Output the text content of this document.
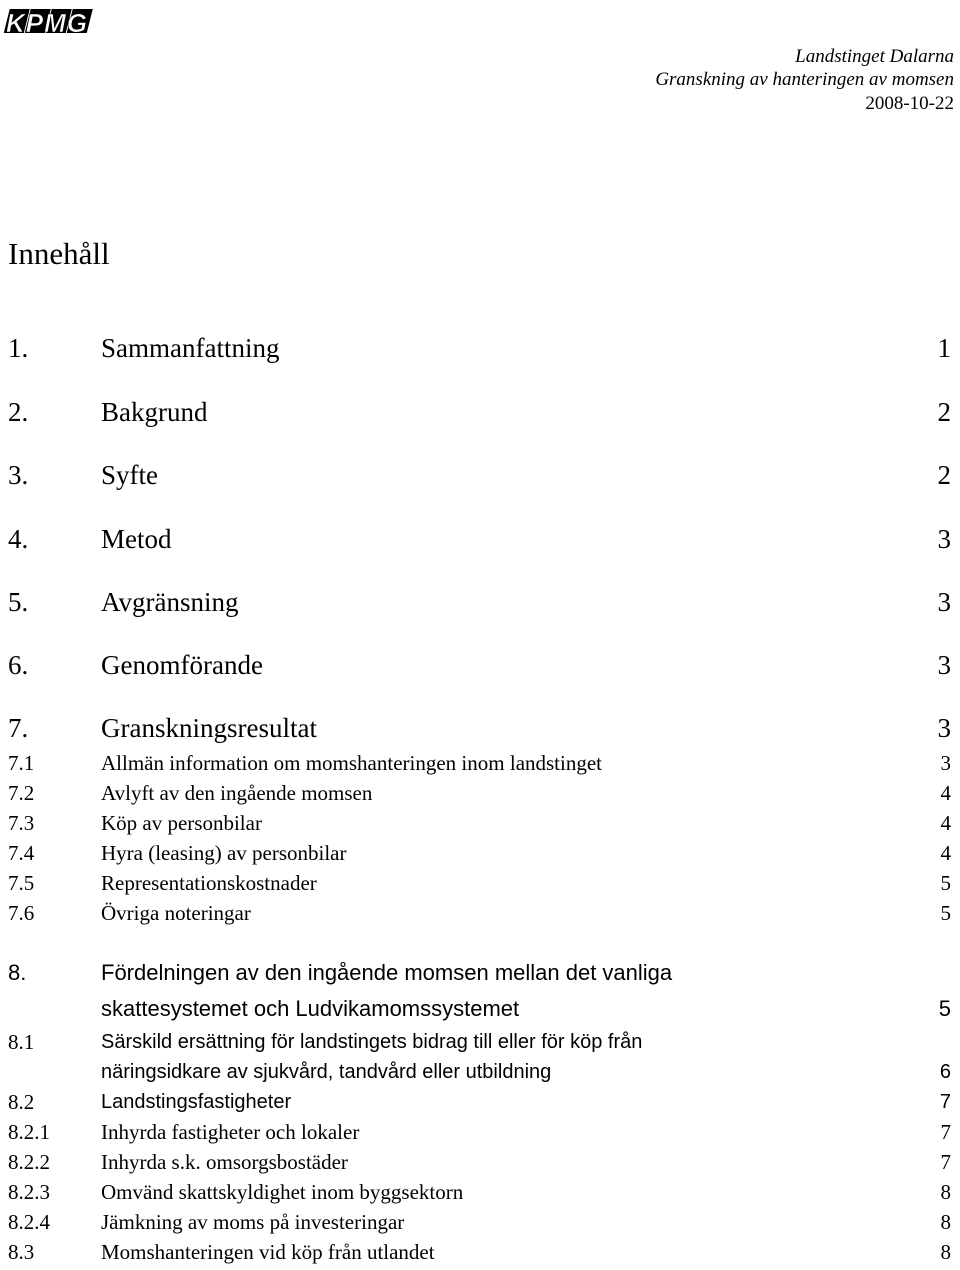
KPMG
Landstinget Dalarna
Granskning av hanteringen av momsen
2008-10-22
Innehåll
1.	Sammanfattning	1
2.	Bakgrund	2
3.	Syfte	2
4.	Metod	3
5.	Avgränsning	3
6.	Genomförande	3
7.	Granskningsresultat	3
7.1	Allmän information om momshanteringen inom landstinget	3
7.2	Avlyft av den ingående momsen	4
7.3	Köp av personbilar	4
7.4	Hyra (leasing) av personbilar	4
7.5	Representationskostnader	5
7.6	Övriga noteringar	5
8.	Fördelningen av den ingående momsen mellan det vanliga
skattesystemet och Ludvikamomssystemet	5
8.1	Särskild ersättning för landstingets bidrag till eller för köp från
näringsidkare av sjukvård, tandvård eller utbildning	6
8.2	Landstingsfastigheter	7
8.2.1 Inhyrda fastigheter och lokaler	7
8.2.2 Inhyrda s.k. omsorgsbostäder	7
8.2.3 Omvänd skattskyldighet inom byggsektorn	8
8.2.4 Jämkning av moms på investeringar	8
8.3	Momshanteringen vid köp från utlandet	8
